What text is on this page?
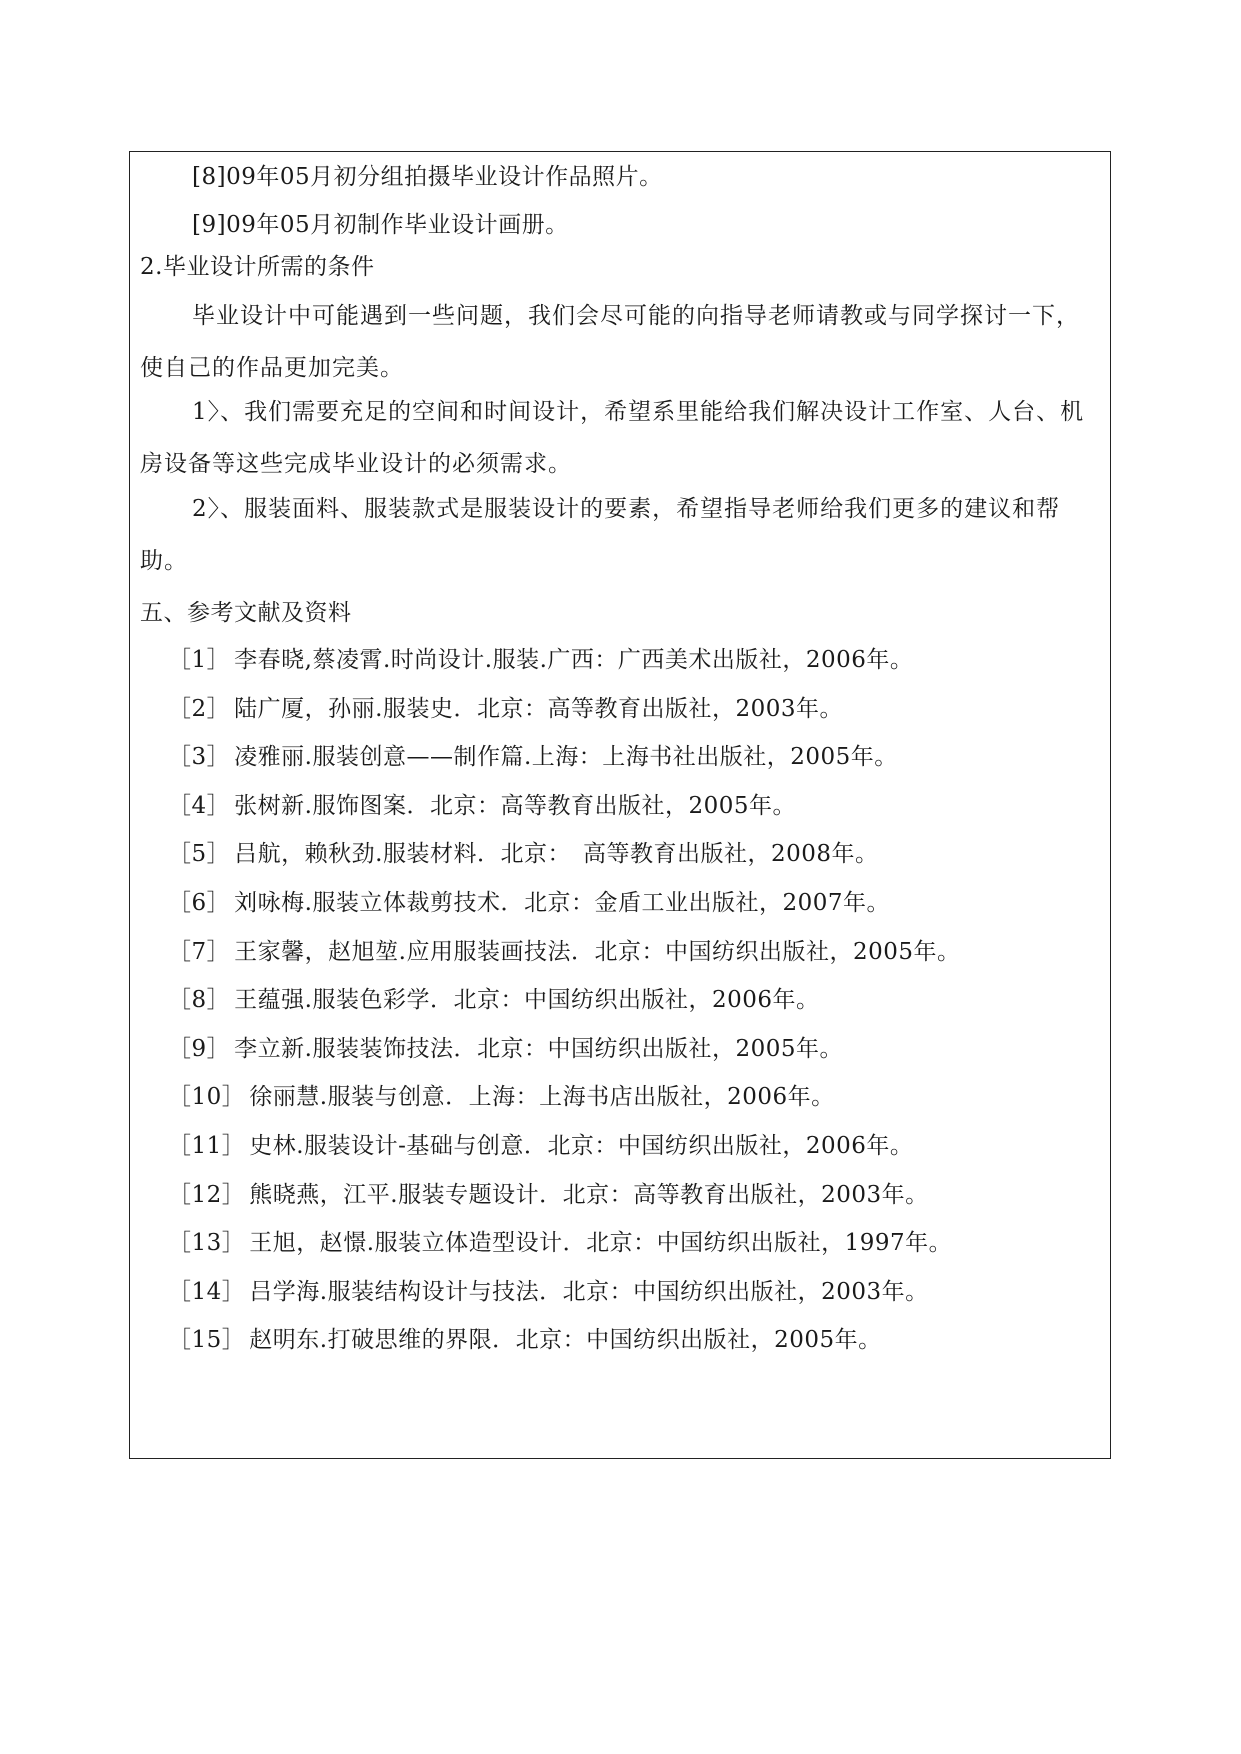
[8]09年05月初分组拍摄毕业设计作品照片。
[9]09年05月初制作毕业设计画册。
2.毕业设计所需的条件
毕业设计中可能遇到一些问题，我们会尽可能的向指导老师请教或与同学探讨一下，使自己的作品更加完美。
1〉、我们需要充足的空间和时间设计，希望系里能给我们解决设计工作室、人台、机房设备等这些完成毕业设计的必须需求。
2〉、服装面料、服装款式是服装设计的要素，希望指导老师给我们更多的建议和帮助。
五、参考文献及资料
［1］ 李春晓,蔡凌霄.时尚设计.服装.广西：广西美术出版社，2006年。
［2］ 陆广厦，孙丽.服装史．北京：高等教育出版社，2003年。
［3］ 凌雅丽.服装创意——制作篇.上海：上海书社出版社，2005年。
［4］ 张树新.服饰图案．北京：高等教育出版社，2005年。
［5］ 吕航，赖秋劲.服装材料．北京：　高等教育出版社，2008年。
［6］ 刘咏梅.服装立体裁剪技术．北京：金盾工业出版社，2007年。
［7］ 王家馨，赵旭堃.应用服装画技法．北京：中国纺织出版社，2005年。
［8］ 王蕴强.服装色彩学．北京：中国纺织出版社，2006年。
［9］ 李立新.服装装饰技法．北京：中国纺织出版社，2005年。
［10］ 徐丽慧.服装与创意．上海：上海书店出版社，2006年。
［11］ 史林.服装设计-基础与创意．北京：中国纺织出版社，2006年。
［12］ 熊晓燕，江平.服装专题设计．北京：高等教育出版社，2003年。
［13］ 王旭，赵憬.服装立体造型设计．北京：中国纺织出版社，1997年。
［14］ 吕学海.服装结构设计与技法．北京：中国纺织出版社，2003年。
［15］ 赵明东.打破思维的界限．北京：中国纺织出版社，2005年。
